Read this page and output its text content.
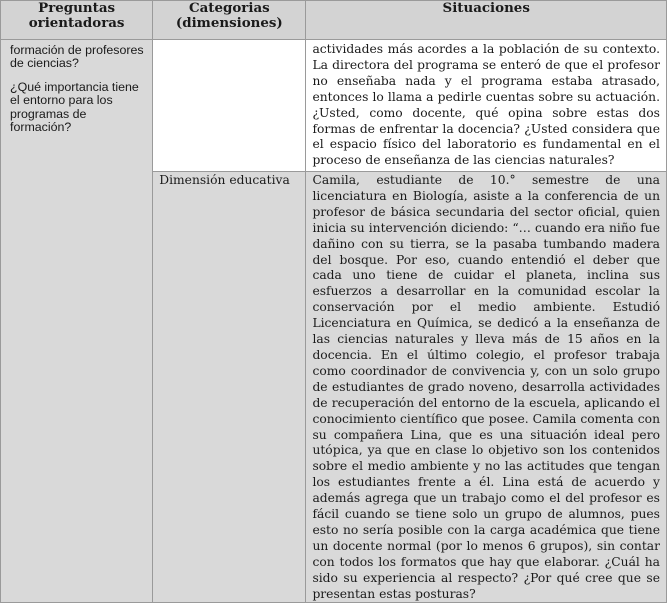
Preguntas orientadoras	Categorias (dimensiones)	Situaciones

formación de profesores de ciencias?

¿Qué importancia tiene el entorno para los programas de formación?		actividades más acordes a la población de su contexto. La directora del programa se enteró de que el profesor no enseñaba nada y el programa estaba atrasado, entonces lo llama a pedirle cuentas sobre su actuación. ¿Usted, como docente, qué opina sobre estas dos formas de enfrentar la docencia? ¿Usted considera que el espacio físico del laboratorio es fundamental en el proceso de enseñanza de las ciencias naturales?

	Dimensión educativa	Camila, estudiante de 10.° semestre de una licenciatura en Biología, asiste a la conferencia de un profesor de básica secundaria del sector oficial, quien inicia su intervención diciendo: “… cuando era niño fue dañino con su tierra, se la pasaba tumbando madera del bosque. Por eso, cuando entendió el deber que cada uno tiene de cuidar el planeta, inclina sus esfuerzos a desarrollar en la comunidad escolar la conservación por el medio ambiente. Estudió Licenciatura en Química, se dedicó a la enseñanza de las ciencias naturales y lleva más de 15 años en la docencia. En el último colegio, el profesor trabaja como coordinador de convivencia y, con un solo grupo de estudiantes de grado noveno, desarrolla actividades de recuperación del entorno de la escuela, aplicando el conocimiento científico que posee. Camila comenta con su compañera Lina, que es una situación ideal pero utópica, ya que en clase lo objetivo son los contenidos sobre el medio ambiente y no las actitudes que tengan los estudiantes frente a él. Lina está de acuerdo y además agrega que un trabajo como el del profesor es fácil cuando se tiene solo un grupo de alumnos, pues esto no sería posible con la carga académica que tiene un docente normal (por lo menos 6 grupos), sin contar con todos los formatos que hay que elaborar. ¿Cuál ha sido su experiencia al respecto? ¿Por qué cree que se presentan estas posturas?
